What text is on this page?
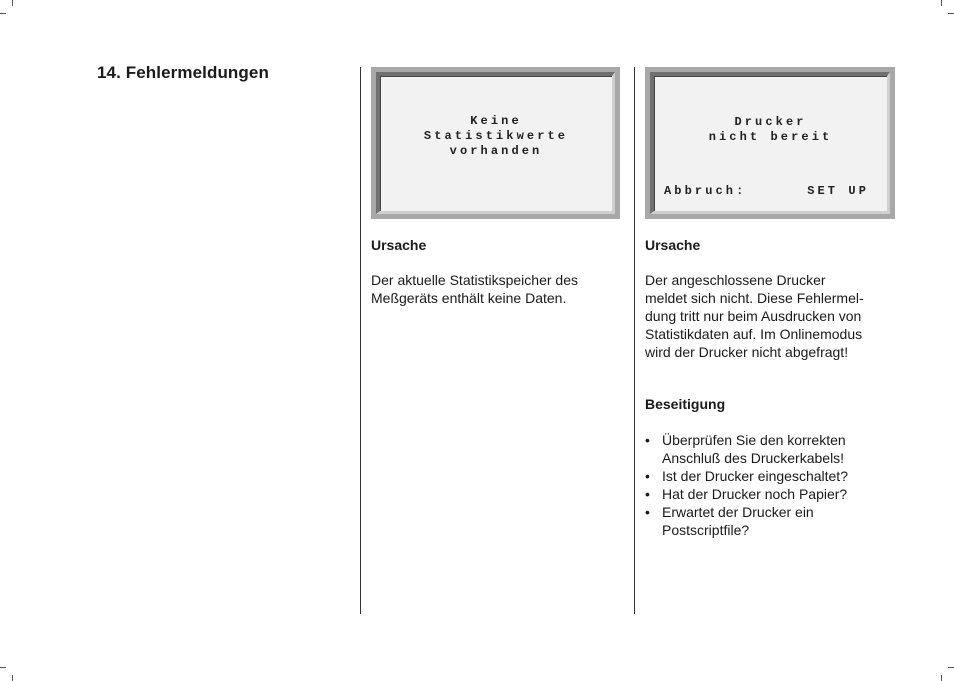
14. Fehlermeldungen
Keine
Statistikwerte
vorhanden
Ursache

Der aktuelle Statistikspeicher des
Meßgeräts enthält keine Daten.

Drucker
nicht bereit
Abbruch:	SET UP
Ursache

Der angeschlossene Drucker
meldet sich nicht. Diese Fehlermel-
dung tritt nur beim Ausdrucken von
Statistikdaten auf. Im Onlinemodus
wird der Drucker nicht abgefragt!

Beseitigung
• Überprüfen Sie den korrekten
Anschluß des Druckerkabels!
• Ist der Drucker eingeschaltet?
• Hat der Drucker noch Papier?
• Erwartet der Drucker ein
Postscriptfile?
